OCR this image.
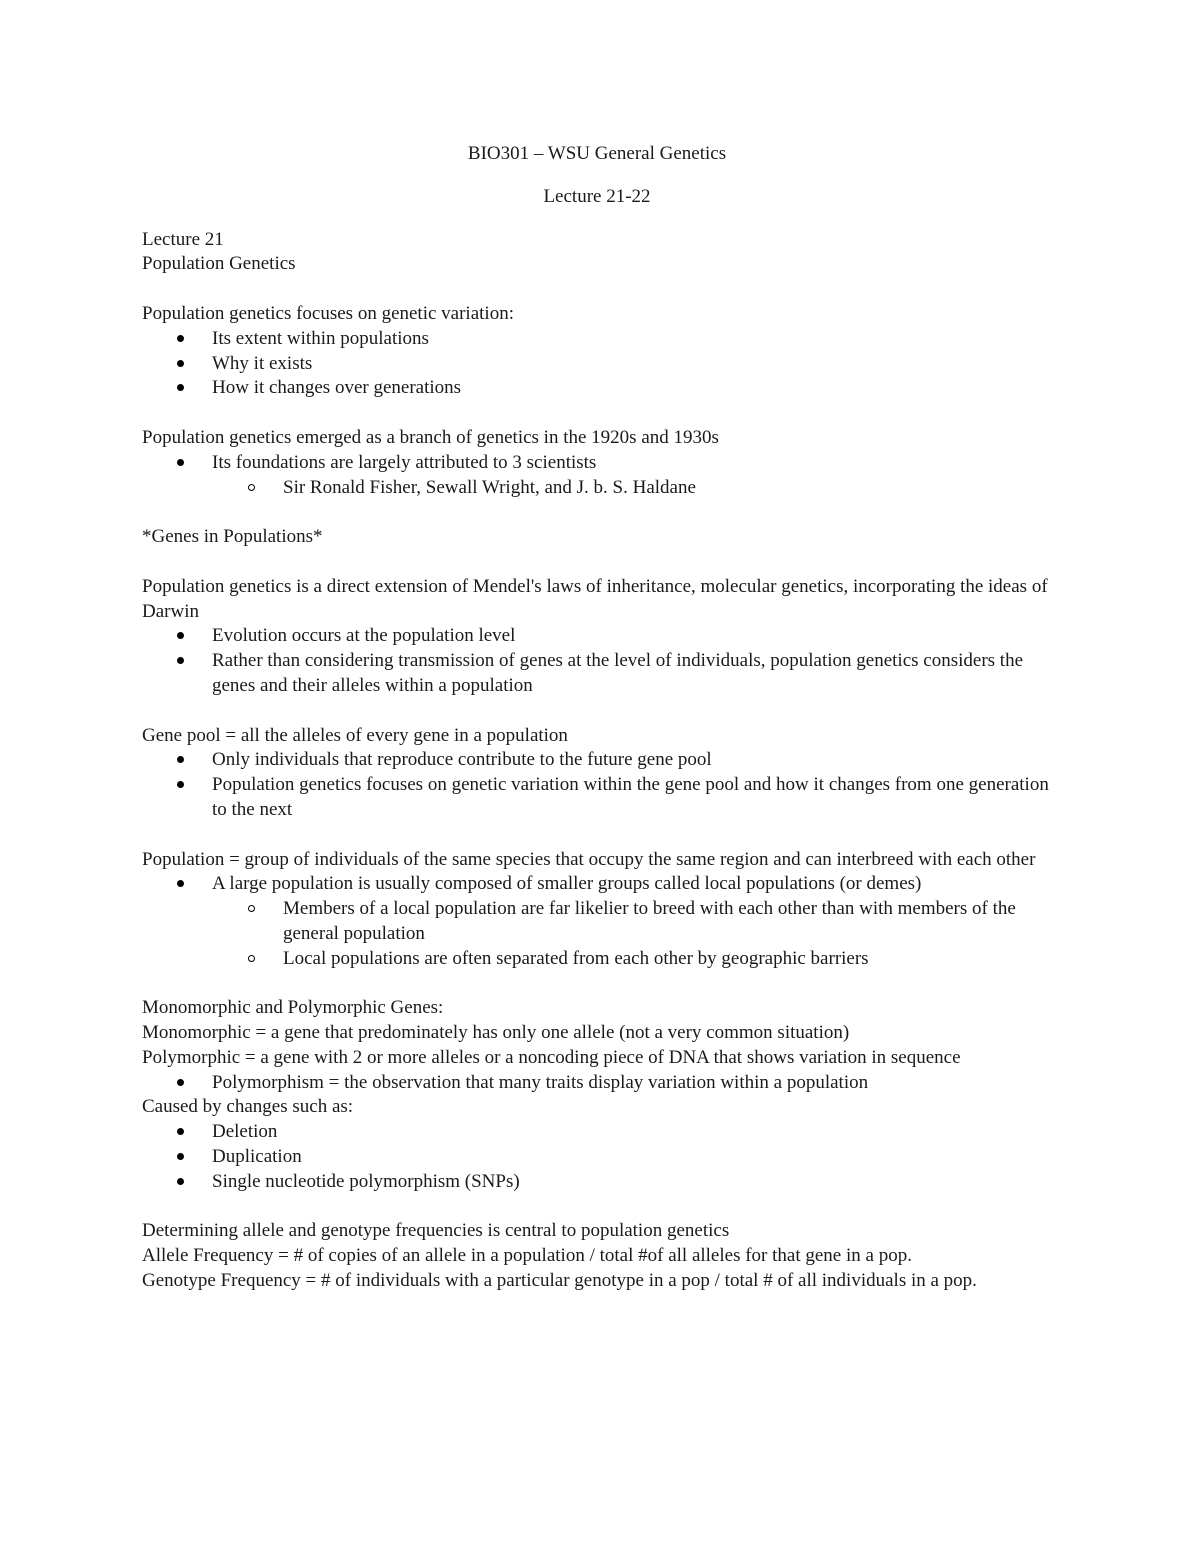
BIO301 – WSU General Genetics

Lecture 21-22

Lecture 21

Population Genetics

Population genetics focuses on genetic variation:

Its extent within populations
Why it exists
How it changes over generations

Population genetics emerged as a branch of genetics in the 1920s and 1930s

Its foundations are largely attributed to 3 scientists
Sir Ronald Fisher, Sewall Wright, and J. b. S. Haldane

*Genes in Populations*

Population genetics is a direct extension of Mendel's laws of inheritance, molecular genetics, incorporating the ideas of Darwin

Evolution occurs at the population level
Rather than considering transmission of genes at the level of individuals, population genetics considers the genes and their alleles within a population

Gene pool = all the alleles of every gene in a population

Only individuals that reproduce contribute to the future gene pool
Population genetics focuses on genetic variation within the gene pool and how it changes from one generation to the next

Population = group of individuals of the same species that occupy the same region and can interbreed with each other

A large population is usually composed of smaller groups called local populations (or demes)
Members of a local population are far likelier to breed with each other than with members of the general population
Local populations are often separated from each other by geographic barriers

Monomorphic and Polymorphic Genes:

Monomorphic = a gene that predominately has only one allele (not a very common situation)

Polymorphic = a gene with 2 or more alleles or a noncoding piece of DNA that shows variation in sequence

Polymorphism = the observation that many traits display variation within a population

Caused by changes such as:

Deletion
Duplication
Single nucleotide polymorphism (SNPs)

Determining allele and genotype frequencies is central to population genetics

Allele Frequency = # of copies of an allele in a population / total #of all alleles for that gene in a pop.

Genotype Frequency = # of individuals with a particular genotype in a pop / total # of all individuals in a pop.
